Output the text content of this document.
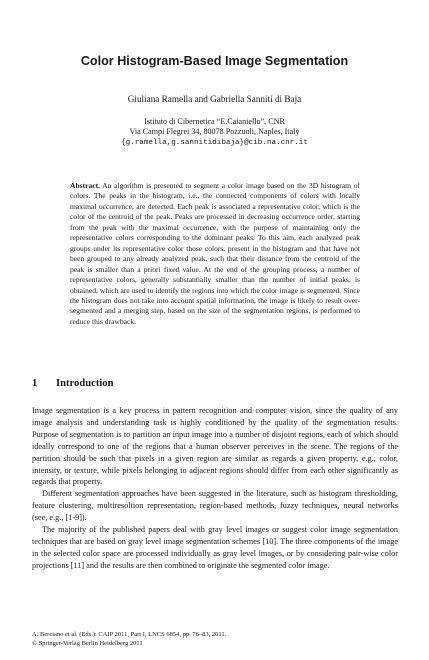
Color Histogram-Based Image Segmentation
Giuliana Ramella and Gabriella Sanniti di Baja
Istituto di Cibernetica “E.Caianiello”, CNR
Via Campi Flegrei 34, 80078 Pozzuoli, Naples, Italy
{g.ramella,g.sannitidibaja}@cib.na.cnr.it

Abstract. An algorithm is presented to segment a color image based on the 3D histogram of colors. The peaks in the histogram, i.e., the connected components of colors with locally maximal occurrence, are detected. Each peak is associated a representative color, which is the color of the centroid of the peak. Peaks are processed in decreasing occurrence order, starting from the peak with the maximal occurrence, with the purpose of maintaining only the representative colors corresponding to the dominant peaks. To this aim, each analyzed peak groups under its representative color those colors, present in the histogram and that have not been grouped to any already analyzed peak, such that their distance from the centroid of the peak is smaller than a priori fixed value. At the end of the grouping process, a number of representative colors, generally substantially smaller than the number of initial peaks, is obtained, which are used to identify the regions into which the color image is segmented. Since the histogram does not take into account spatial information, the image is likely to result over-segmented and a merging step, based on the size of the segmentation regions, is performed to reduce this drawback.

1 Introduction

Image segmentation is a key process in pattern recognition and computer vision, since the quality of any image analysis and understanding task is highly conditioned by the quality of the segmentation results. Purpose of segmentation is to partition an input image into a number of disjoint regions, each of which should ideally correspond to one of the regions that a human observer perceives in the scene. The regions of the partition should be such that pixels in a given region are similar as regards a given property, e.g., color, intensity, or texture, while pixels belonging to adjacent regions should differ from each other significantly as regards that property.

Different segmentation approaches have been suggested in the literature, such as histogram thresholding, feature clustering, multiresoltion representation, region-based methods, fuzzy techniques, neural networks (see, e.g., [1-9]).

The majority of the published papers deal with gray level images or suggest color image segmentation techniques that are based on gray level image segmentation schemes [10]. The three components of the image in the selected color space are processed individually as gray level images, or by considering pair-wise color projections [11] and the results are then combined to originate the segmented color image.

A. Berciano et al. (Eds.): CAIP 2011, Part I, LNCS 6854, pp. 76–83, 2011.
© Springer-Verlag Berlin Heidelberg 2011
